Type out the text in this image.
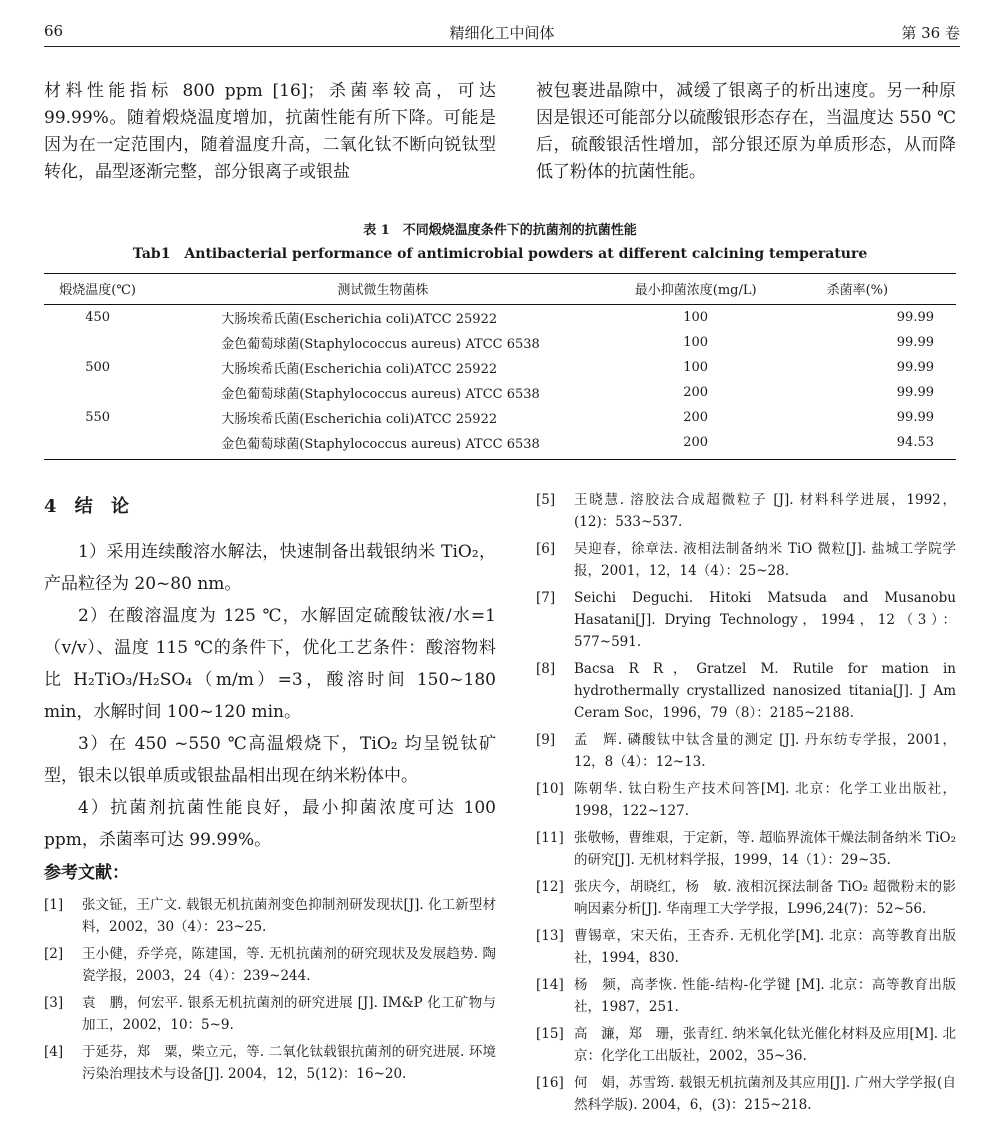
66	精细化工中间体	第 36 卷

材料性能指标 800 ppm [16]；杀菌率较高，可达 99.99%。随着煅烧温度增加，抗菌性能有所下降。可能是因为在一定范围内，随着温度升高，二氧化钛不断向锐钛型转化，晶型逐渐完整，部分银离子或银盐

被包裹进晶隙中，减缓了银离子的析出速度。另一种原因是银还可能部分以硫酸银形态存在，当温度达 550 ℃后，硫酸银活性增加，部分银还原为单质形态，从而降低了粉体的抗菌性能。

表 1　不同煅烧温度条件下的抗菌剂的抗菌性能
Tab1　Antibacterial performance of antimicrobial powders at different calcining temperature
煅烧温度(℃)	测试微生物菌株	最小抑菌浓度(mg/L)	杀菌率(%)
450	大肠埃希氏菌(Escherichia coli)ATCC 25922	100	99.99
	金色葡萄球菌(Staphylococcus aureus) ATCC 6538	100	99.99
500	大肠埃希氏菌(Escherichia coli)ATCC 25922	100	99.99
	金色葡萄球菌(Staphylococcus aureus) ATCC 6538	200	99.99
550	大肠埃希氏菌(Escherichia coli)ATCC 25922	200	99.99
	金色葡萄球菌(Staphylococcus aureus) ATCC 6538	200	94.53
4 结 论

1）采用连续酸溶水解法，快速制备出载银纳米 TiO₂，产品粒径为 20~80 nm。

2）在酸溶温度为 125 ℃，水解固定硫酸钛液/水=1（v/v）、温度 115 ℃的条件下，优化工艺条件：酸溶物料比 H₂TiO₃/H₂SO₄（m/m）=3，酸溶时间 150~180 min，水解时间 100~120 min。

3）在 450 ~550 ℃高温煅烧下，TiO₂ 均呈锐钛矿型，银未以银单质或银盐晶相出现在纳米粉体中。

4）抗菌剂抗菌性能良好，最小抑菌浓度可达 100 ppm，杀菌率可达 99.99%。

参考文献：
[1]	张文钲，王广文. 载银无机抗菌剂变色抑制剂研发现状[J]. 化工新型材料，2002，30（4）：23~25.
[2]	王小健，乔学亮，陈建国，等. 无机抗菌剂的研究现状及发展趋势. 陶瓷学报，2003，24（4）：239~244.
[3]	袁　鹏，何宏平. 银系无机抗菌剂的研究进展 [J]. IM&P 化工矿物与加工，2002，10：5~9.
[4]	于延芬，郑　粟，柴立元，等. 二氧化钛载银抗菌剂的研究进展. 环境污染治理技术与设备[J]. 2004，12，5(12)：16~20.
[5]	王晓慧. 溶胶法合成超微粒子 [J]. 材料科学进展，1992，(12)：533~537.
[6]	吴迎春，徐章法. 液相法制备纳米 TiO 微粒[J]. 盐城工学院学报，2001，12，14（4）：25~28.
[7]	Seichi Deguchi. Hitoki Matsuda and Musanobu Hasatani[J]. Drying Technology，1994，12（3）：577~591.
[8]	Bacsa R R，Gratzel M. Rutile for mation in hydrothermally crystallized nanosized titania[J]. J Am Ceram Soc，1996，79（8）：2185~2188.
[9]	孟　辉. 磷酸钛中钛含量的测定 [J]. 丹东纺专学报，2001，12，8（4）：12~13.
[10] 陈朝华. 钛白粉生产技术问答[M]. 北京：化学工业出版社，1998，122~127.
[11] 张敬畅，曹维艰，于定新，等. 超临界流体干燥法制备纳米 TiO₂ 的研究[J]. 无机材料学报，1999，14（1）：29~35.
[12] 张庆今，胡晓红，杨　敏. 液相沉探法制备 TiO₂ 超微粉末的影响因素分析[J]. 华南理工大学学报，L996,24(7)：52~56.
[13] 曹锡章，宋天佑，王杏乔. 无机化学[M]. 北京：高等教育出版社，1994，830.
[14] 杨　频，高孝恢. 性能-结构-化学键 [M]. 北京：高等教育出版社，1987，251.
[15] 高　濂，郑　珊，张青红. 纳米氧化钛光催化材料及应用[M]. 北京：化学化工出版社，2002，35~36.
[16] 何　娟，苏雪筠. 载银无机抗菌剂及其应用[J]. 广州大学学报(自然科学版). 2004，6，(3)：215~218.
